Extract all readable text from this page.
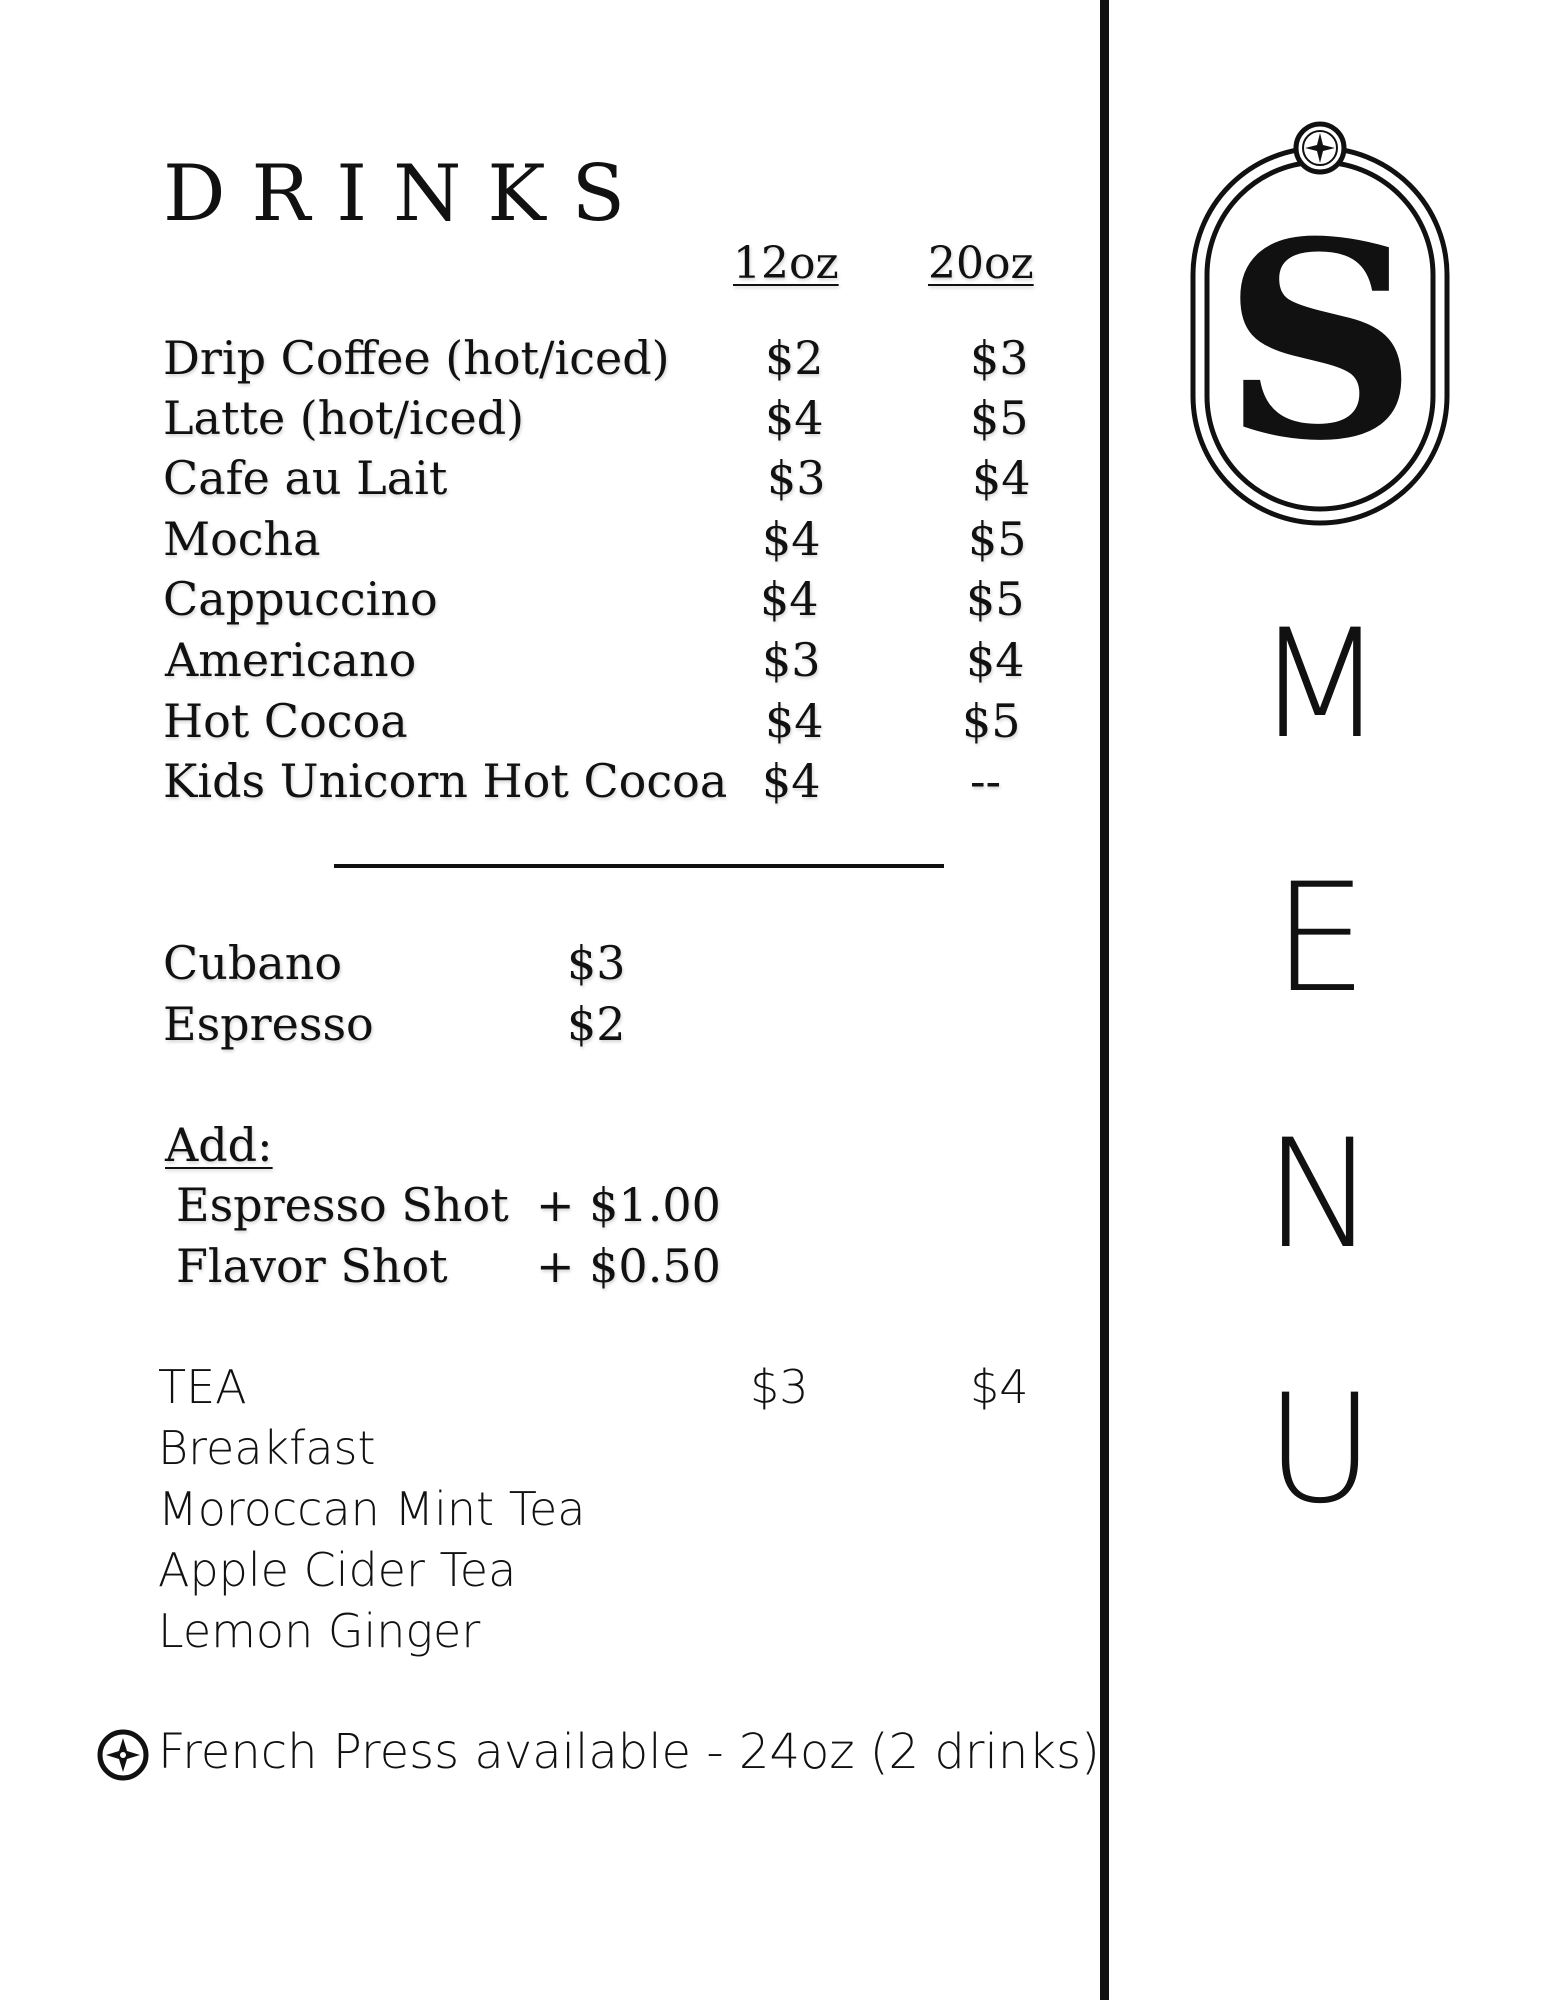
DRINKS
12oz 20oz
Drip Coffee (hot/iced) $2	$3
Latte (hot/iced)	$4	$5
Cafe au Lait	$3	$4
Mocha	$4	$5
Cappuccino	$4	$5
Americano	$3	$4
Hot Cocoa	$4	$5
Kids Unicorn Hot Cocoa $4	--
Cubano	$3
Espresso	$2
Add:
Espresso Shot + $1.00
Flavor Shot + $0.50
TEA	$3	$4
Breakfast
Moroccan Mint Tea
Apple Cider Tea
Lemon Ginger
French Press available - 24oz (2 drinks)
S
M
E
N
U
